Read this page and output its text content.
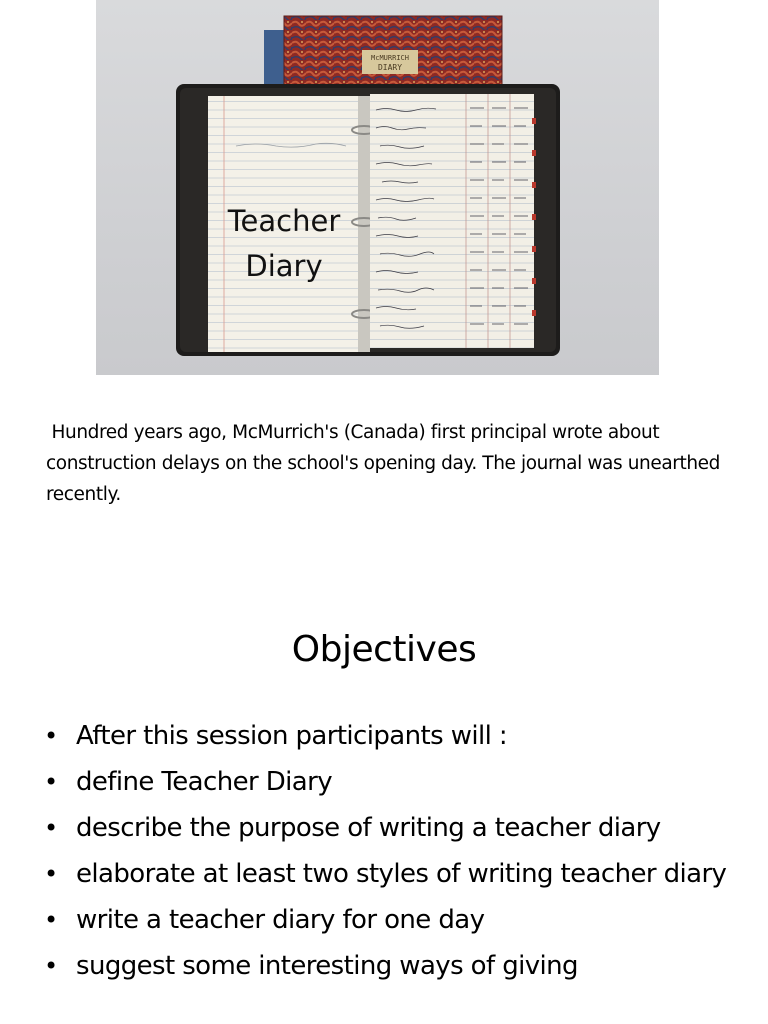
McMURRICH
DIARY
Teacher
Diary
Hundred years ago, McMurrich's (Canada) first principal wrote about construction delays on the school's opening day. The journal was unearthed recently.
Objectives
• After this session participants will :
• define Teacher Diary
• describe the purpose of writing a teacher diary
• elaborate at least two styles of writing teacher diary
• write a teacher diary for one day
• suggest some interesting ways of giving
